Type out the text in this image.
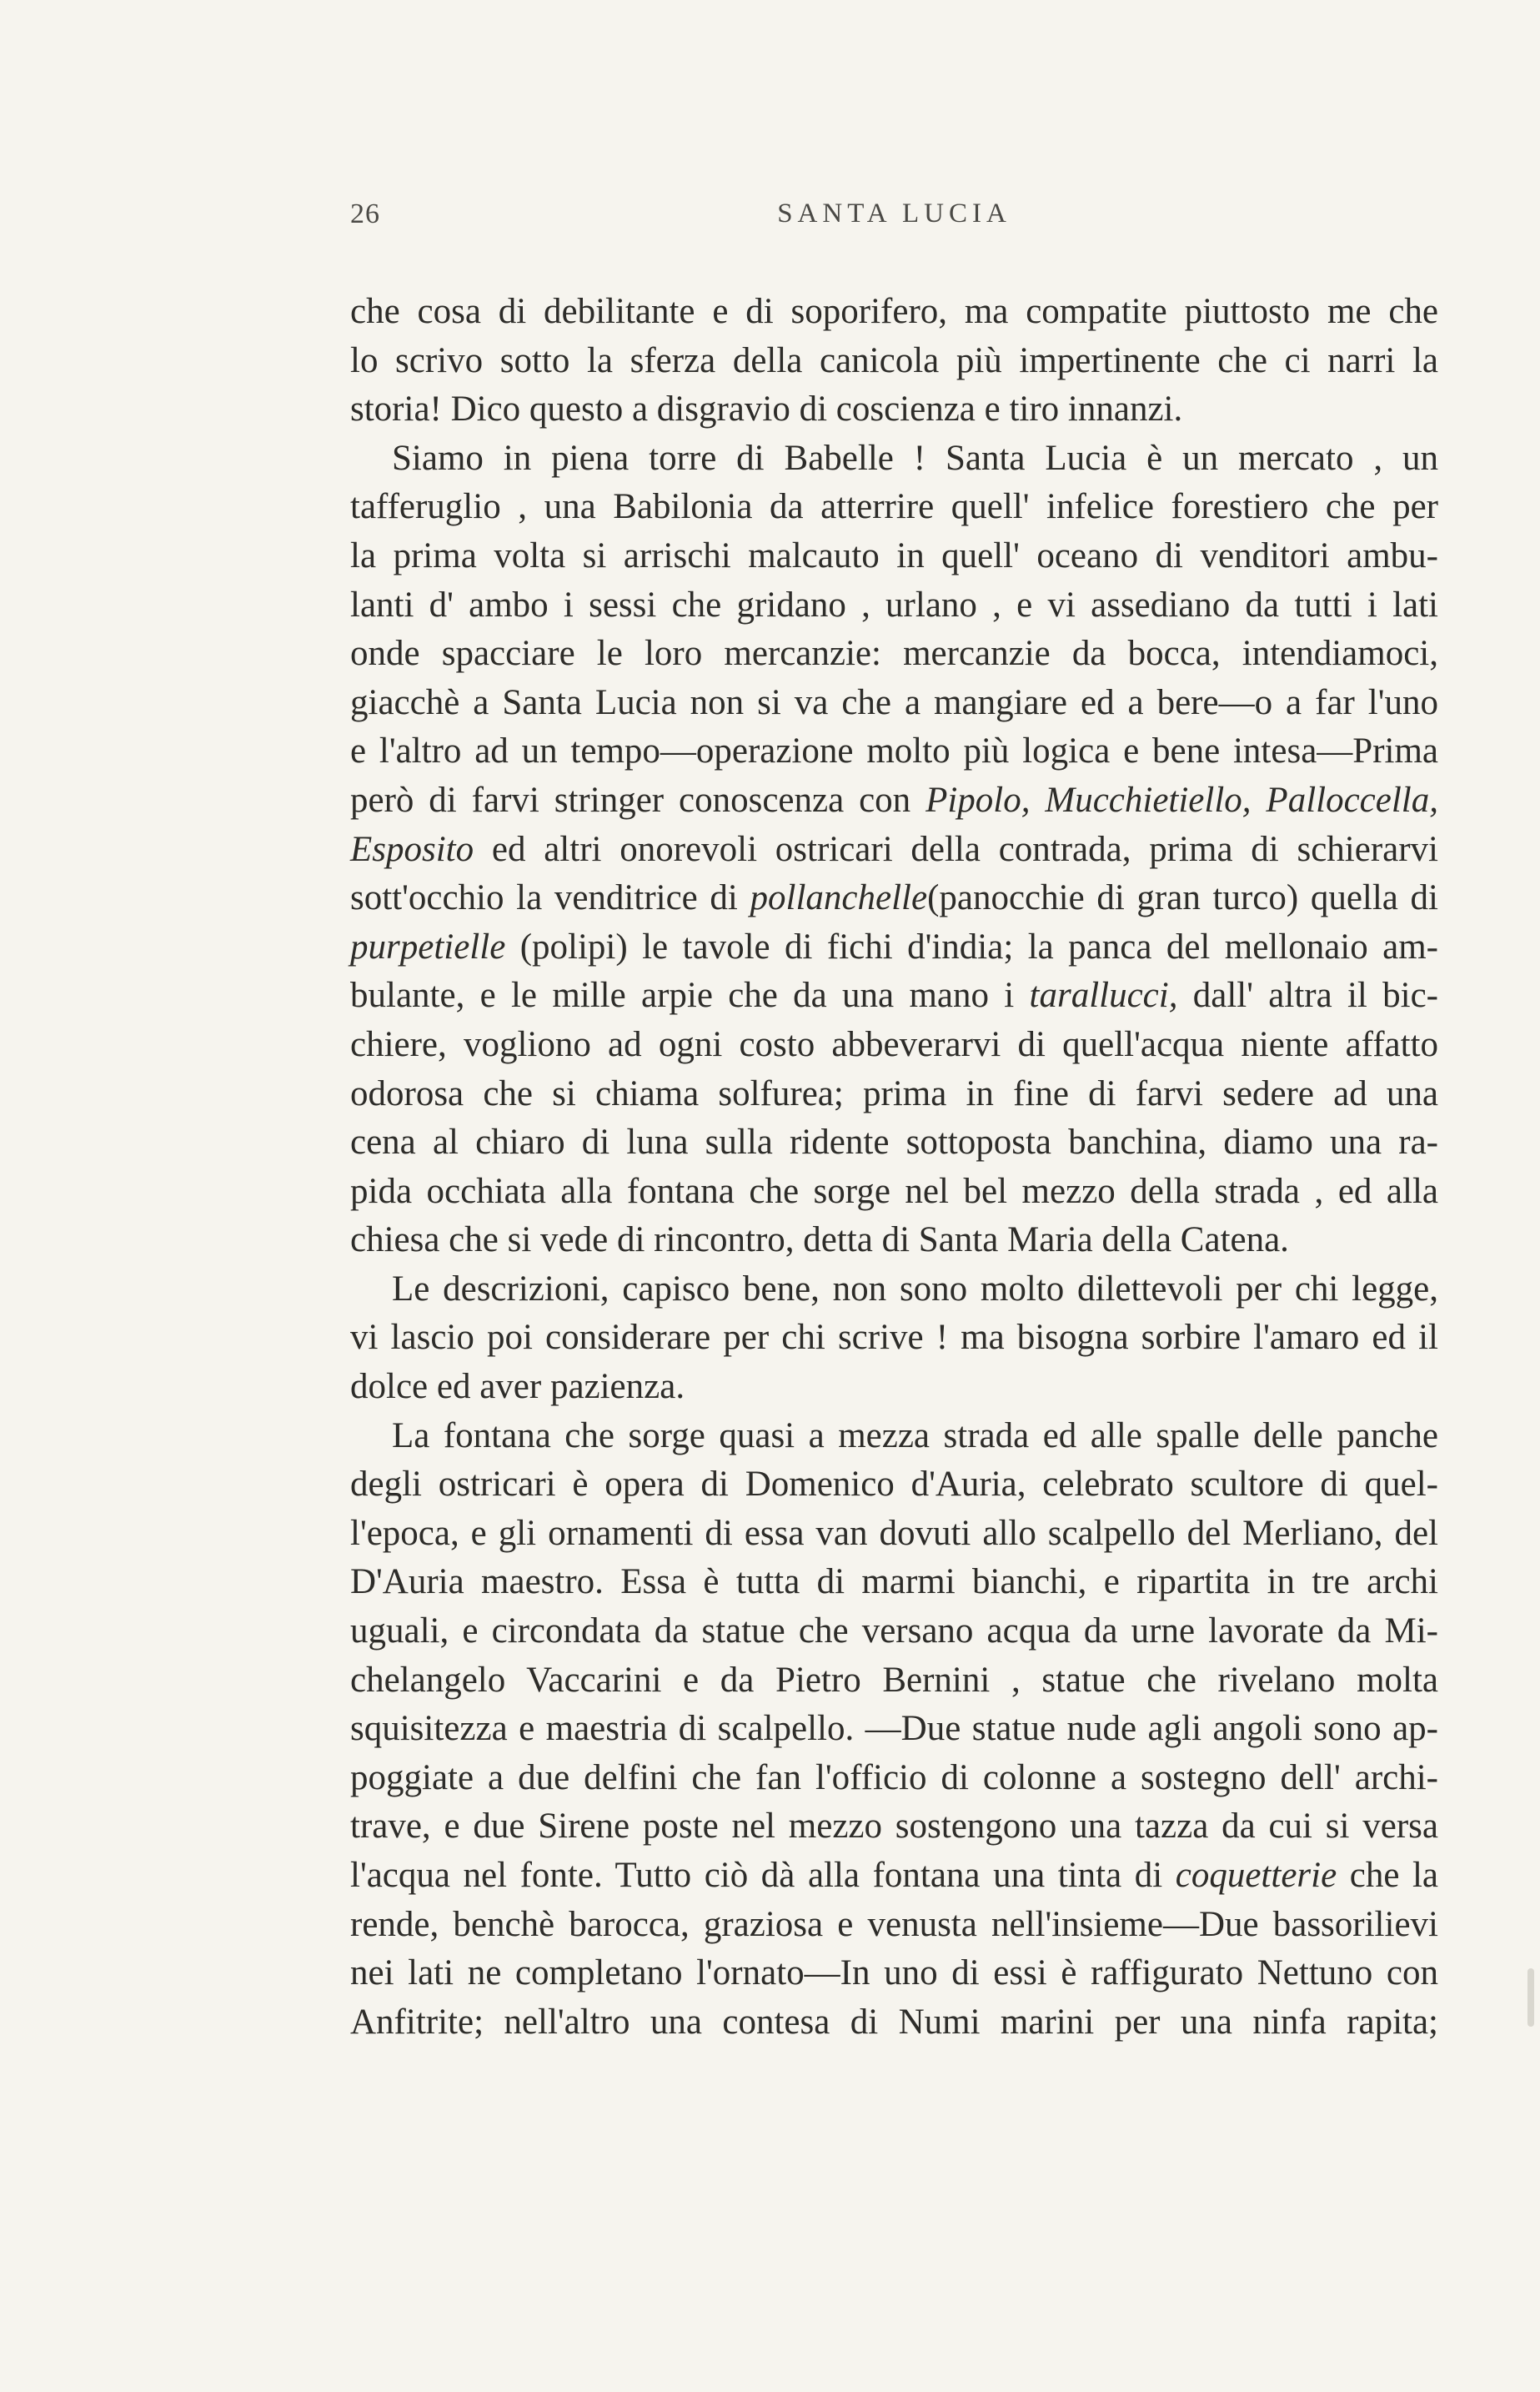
26	SANTA LUCIA
che cosa di debilitante e di soporifero, ma compatite piuttosto me che
lo scrivo sotto la sferza della canicola più impertinente che ci narri la
storia! Dico questo a disgravio di coscienza e tiro innanzi.
Siamo in piena torre di Babelle ! Santa Lucia è un mercato , un
tafferuglio , una Babilonia da atterrire quell' infelice forestiero che per
la prima volta si arrischi malcauto in quell' oceano di venditori ambu-
lanti d' ambo i sessi che gridano , urlano , e vi assediano da tutti i lati
onde spacciare le loro mercanzie: mercanzie da bocca, intendiamoci,
giacchè a Santa Lucia non si va che a mangiare ed a bere—o a far l'uno
e l'altro ad un tempo—operazione molto più logica e bene intesa—Prima
però di farvi stringer conoscenza con Pipolo, Mucchietiello, Palloccella,
Esposito ed altri onorevoli ostricari della contrada, prima di schierarvi
sott'occhio la venditrice di pollanchelle(panocchie di gran turco) quella di
purpetielle (polipi) le tavole di fichi d'india; la panca del mellonaio am-
bulante, e le mille arpie che da una mano i tarallucci, dall' altra il bic-
chiere, vogliono ad ogni costo abbeverarvi di quell'acqua niente affatto
odorosa che si chiama solfurea; prima in fine di farvi sedere ad una
cena al chiaro di luna sulla ridente sottoposta banchina, diamo una ra-
pida occhiata alla fontana che sorge nel bel mezzo della strada , ed alla
chiesa che si vede di rincontro, detta di Santa Maria della Catena.
Le descrizioni, capisco bene, non sono molto dilettevoli per chi legge,
vi lascio poi considerare per chi scrive ! ma bisogna sorbire l'amaro ed il
dolce ed aver pazienza.
La fontana che sorge quasi a mezza strada ed alle spalle delle panche
degli ostricari è opera di Domenico d'Auria, celebrato scultore di quel-
l'epoca, e gli ornamenti di essa van dovuti allo scalpello del Merliano, del
D'Auria maestro. Essa è tutta di marmi bianchi, e ripartita in tre archi
uguali, e circondata da statue che versano acqua da urne lavorate da Mi-
chelangelo Vaccarini e da Pietro Bernini , statue che rivelano molta
squisitezza e maestria di scalpello. —Due statue nude agli angoli sono ap-
poggiate a due delfini che fan l'officio di colonne a sostegno dell' archi-
trave, e due Sirene poste nel mezzo sostengono una tazza da cui si versa
l'acqua nel fonte. Tutto ciò dà alla fontana una tinta di coquetterie che la
rende, benchè barocca, graziosa e venusta nell'insieme—Due bassorilievi
nei lati ne completano l'ornato—In uno di essi è raffigurato Nettuno con
Anfitrite; nell'altro una contesa di Numi marini per una ninfa rapita;
